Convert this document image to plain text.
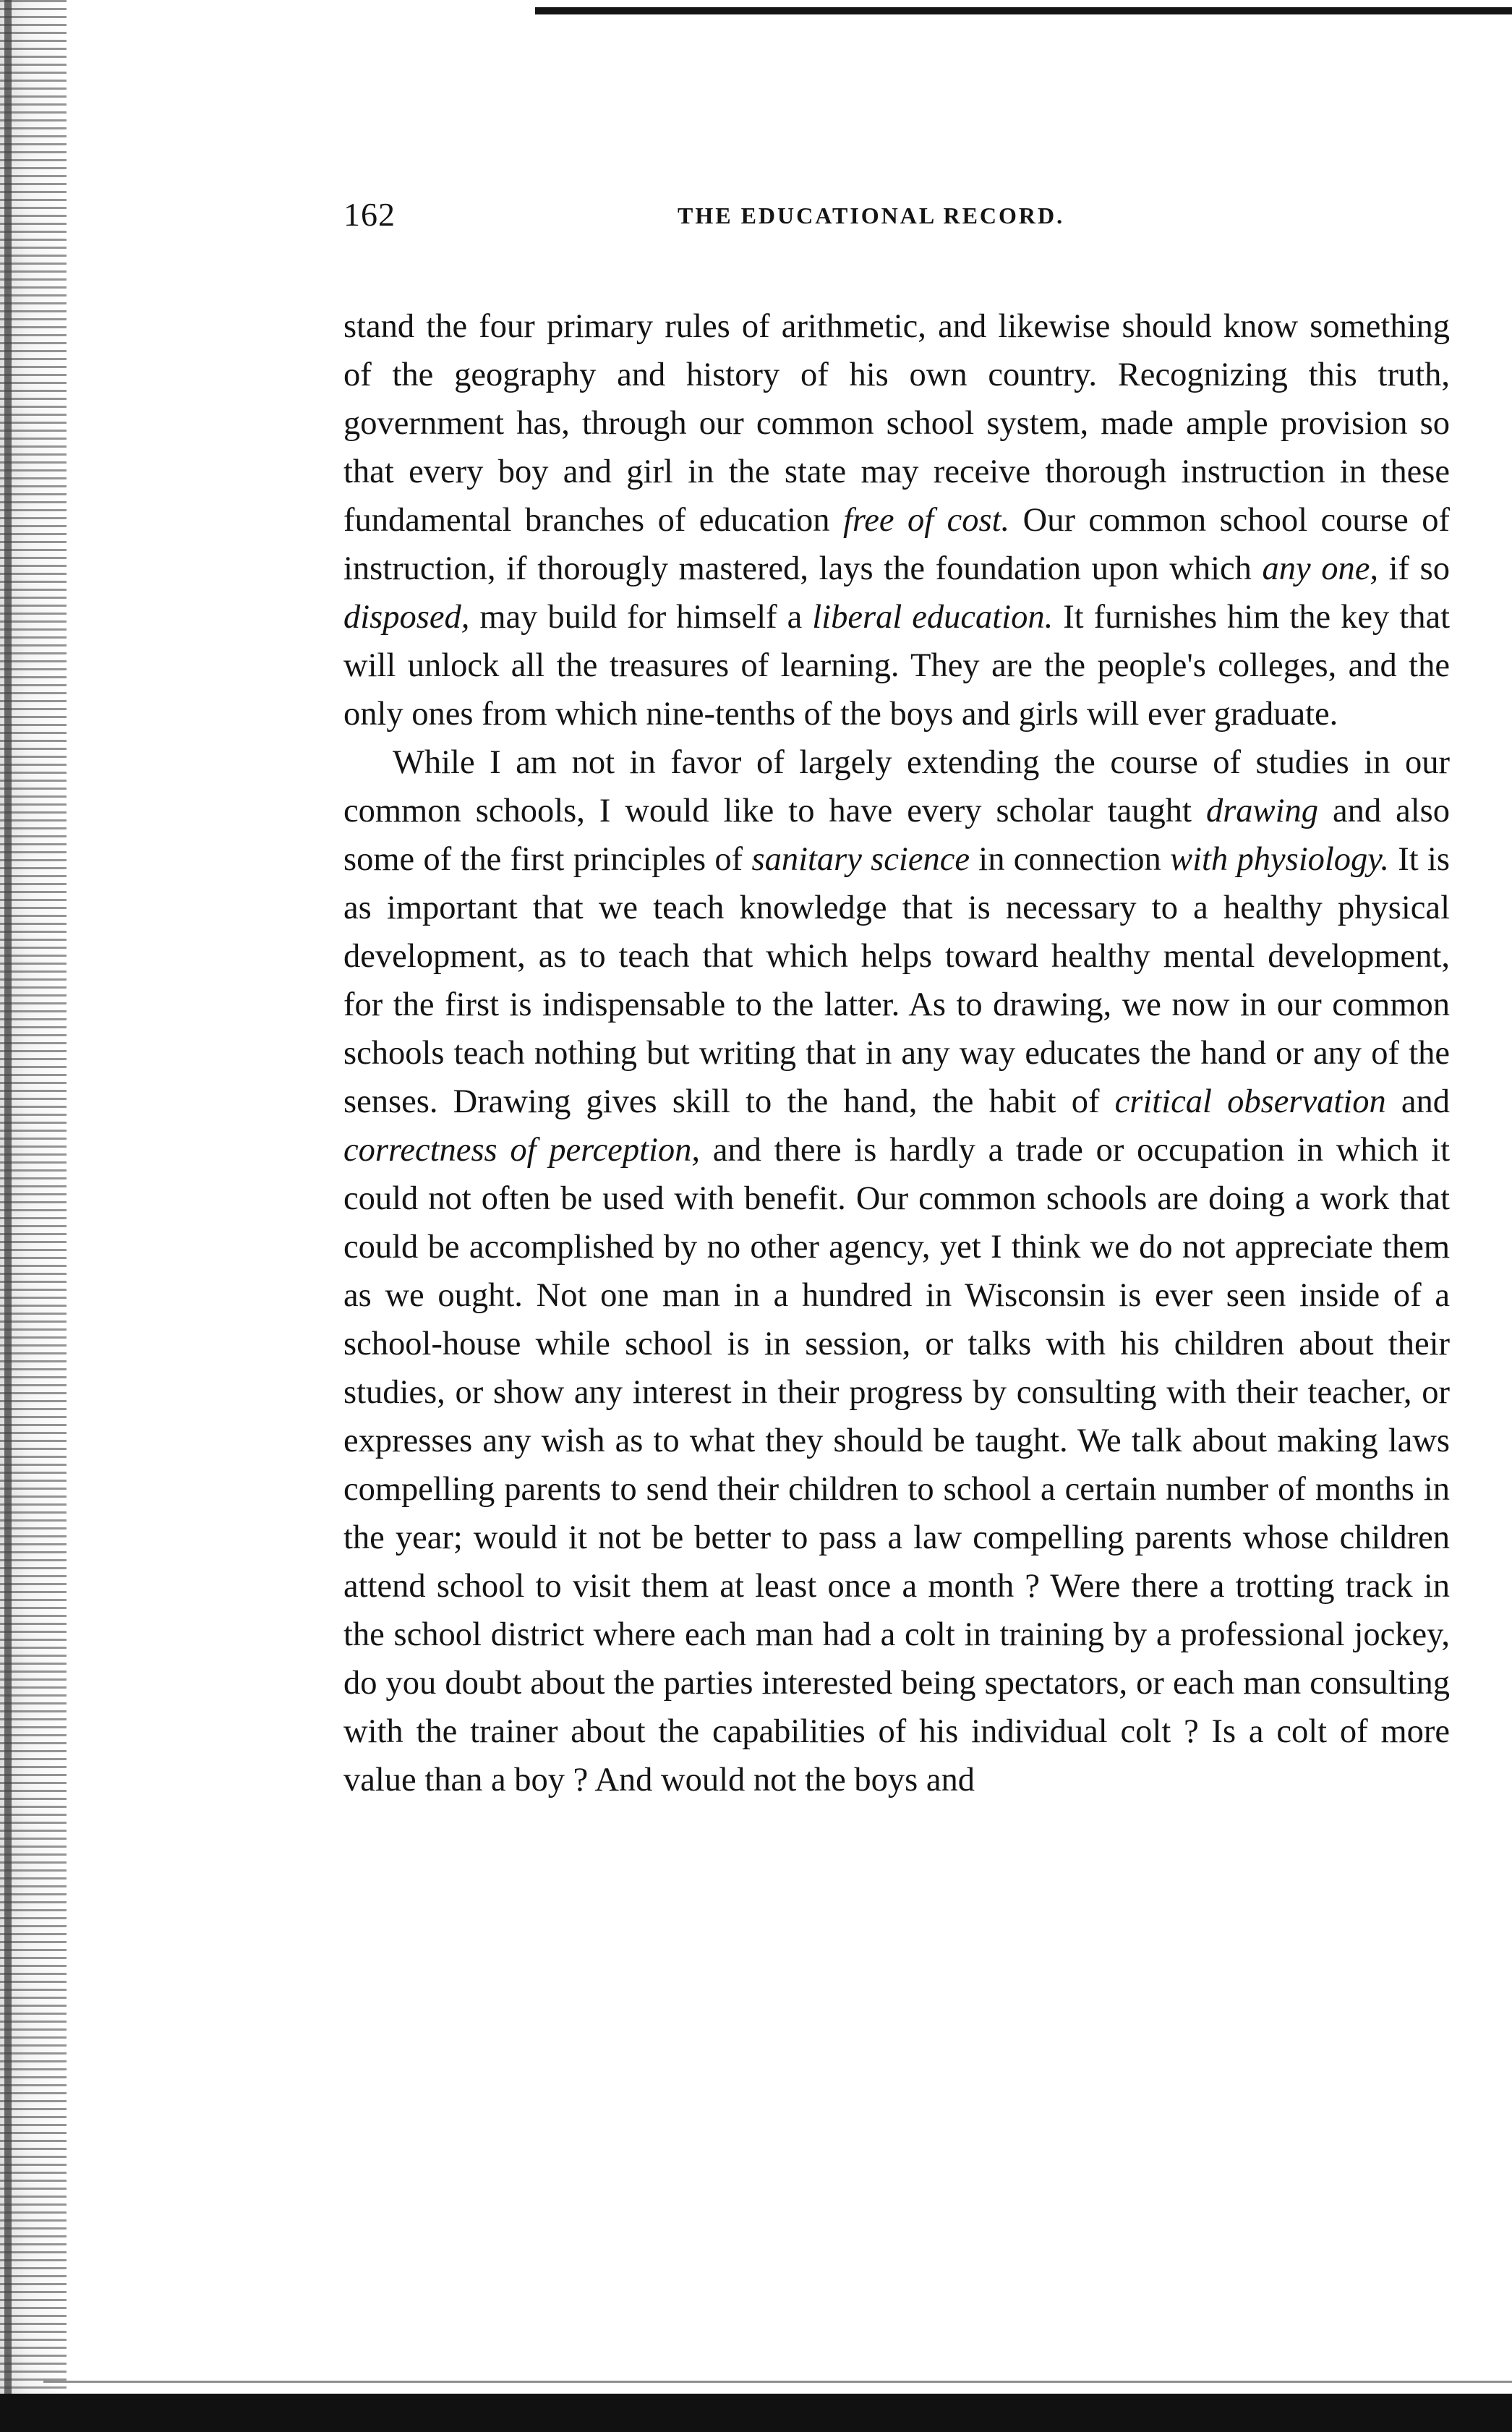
162	THE EDUCATIONAL RECORD.

stand the four primary rules of arithmetic, and likewise should know something of the geography and history of his own country. Recognizing this truth, government has, through our common school system, made ample provision so that every boy and girl in the state may receive thorough instruction in these fundamental branches of education free of cost. Our common school course of instruction, if thorougly mastered, lays the foundation upon which any one, if so disposed, may build for himself a liberal education. It furnishes him the key that will unlock all the treasures of learning. They are the people's colleges, and the only ones from which nine-tenths of the boys and girls will ever graduate.

While I am not in favor of largely extending the course of studies in our common schools, I would like to have every scholar taught drawing and also some of the first principles of sanitary science in connection with physiology. It is as important that we teach knowledge that is necessary to a healthy physical development, as to teach that which helps toward healthy mental development, for the first is indispensable to the latter. As to drawing, we now in our common schools teach nothing but writing that in any way educates the hand or any of the senses. Drawing gives skill to the hand, the habit of critical observation and correctness of perception, and there is hardly a trade or occupation in which it could not often be used with benefit. Our common schools are doing a work that could be accomplished by no other agency, yet I think we do not appreciate them as we ought. Not one man in a hundred in Wisconsin is ever seen inside of a school-house while school is in session, or talks with his children about their studies, or show any interest in their progress by consulting with their teacher, or expresses any wish as to what they should be taught. We talk about making laws compelling parents to send their children to school a certain number of months in the year; would it not be better to pass a law compelling parents whose children attend school to visit them at least once a month ? Were there a trotting track in the school district where each man had a colt in training by a professional jockey, do you doubt about the parties interested being spectators, or each man consulting with the trainer about the capabilities of his individual colt ? Is a colt of more value than a boy ? And would not the boys and
